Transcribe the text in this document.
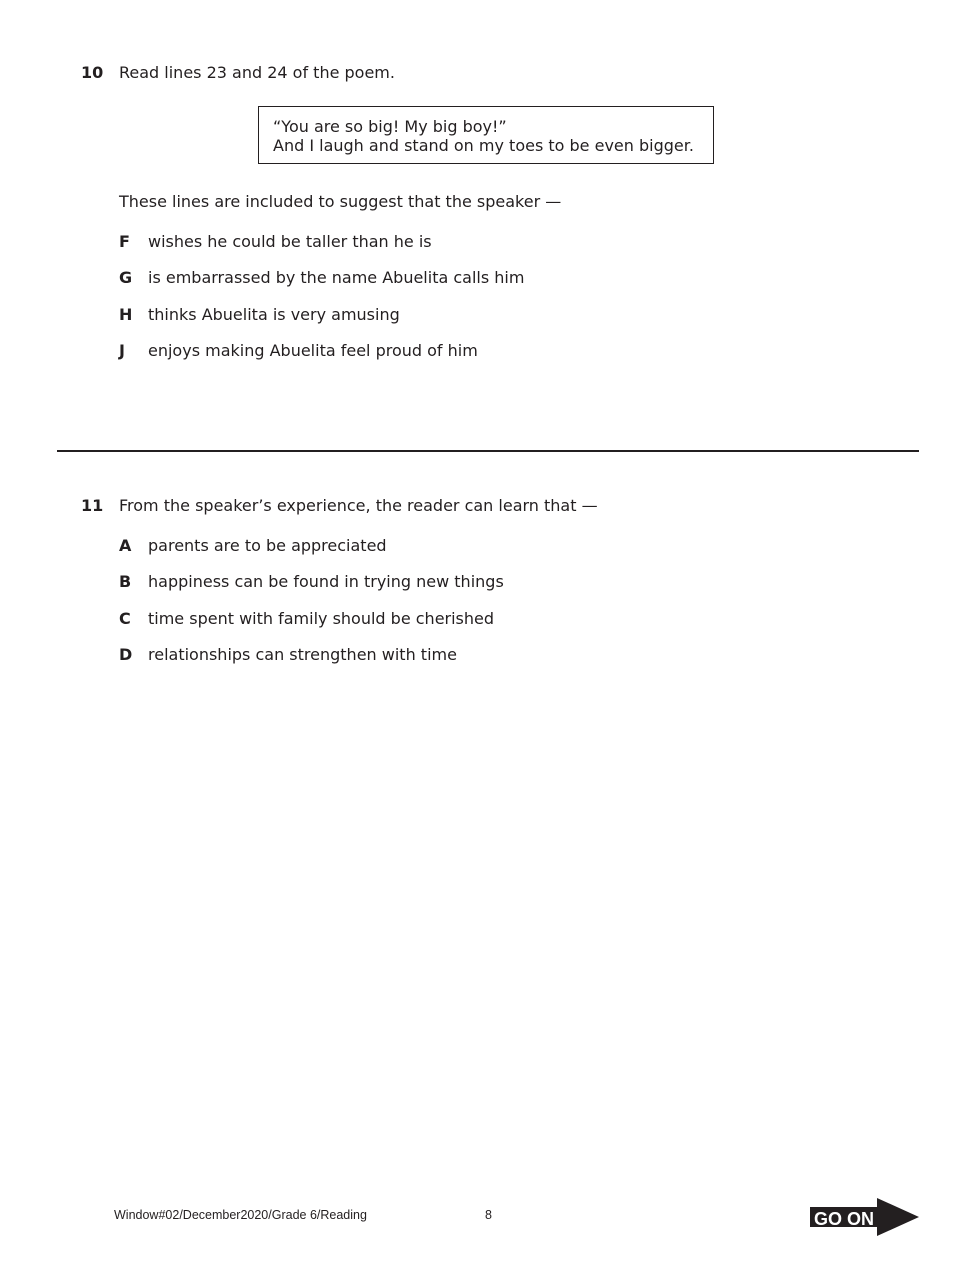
10 Read lines 23 and 24 of the poem.
“You are so big! My big boy!”
And I laugh and stand on my toes to be even bigger.
These lines are included to suggest that the speaker —
F wishes he could be taller than he is
G is embarrassed by the name Abuelita calls him
H thinks Abuelita is very amusing
J enjoys making Abuelita feel proud of him
11 From the speaker’s experience, the reader can learn that —
A parents are to be appreciated
B happiness can be found in trying new things
C time spent with family should be cherished
D relationships can strengthen with time
Window#02/December2020/Grade 6/Reading	8	GO ON
